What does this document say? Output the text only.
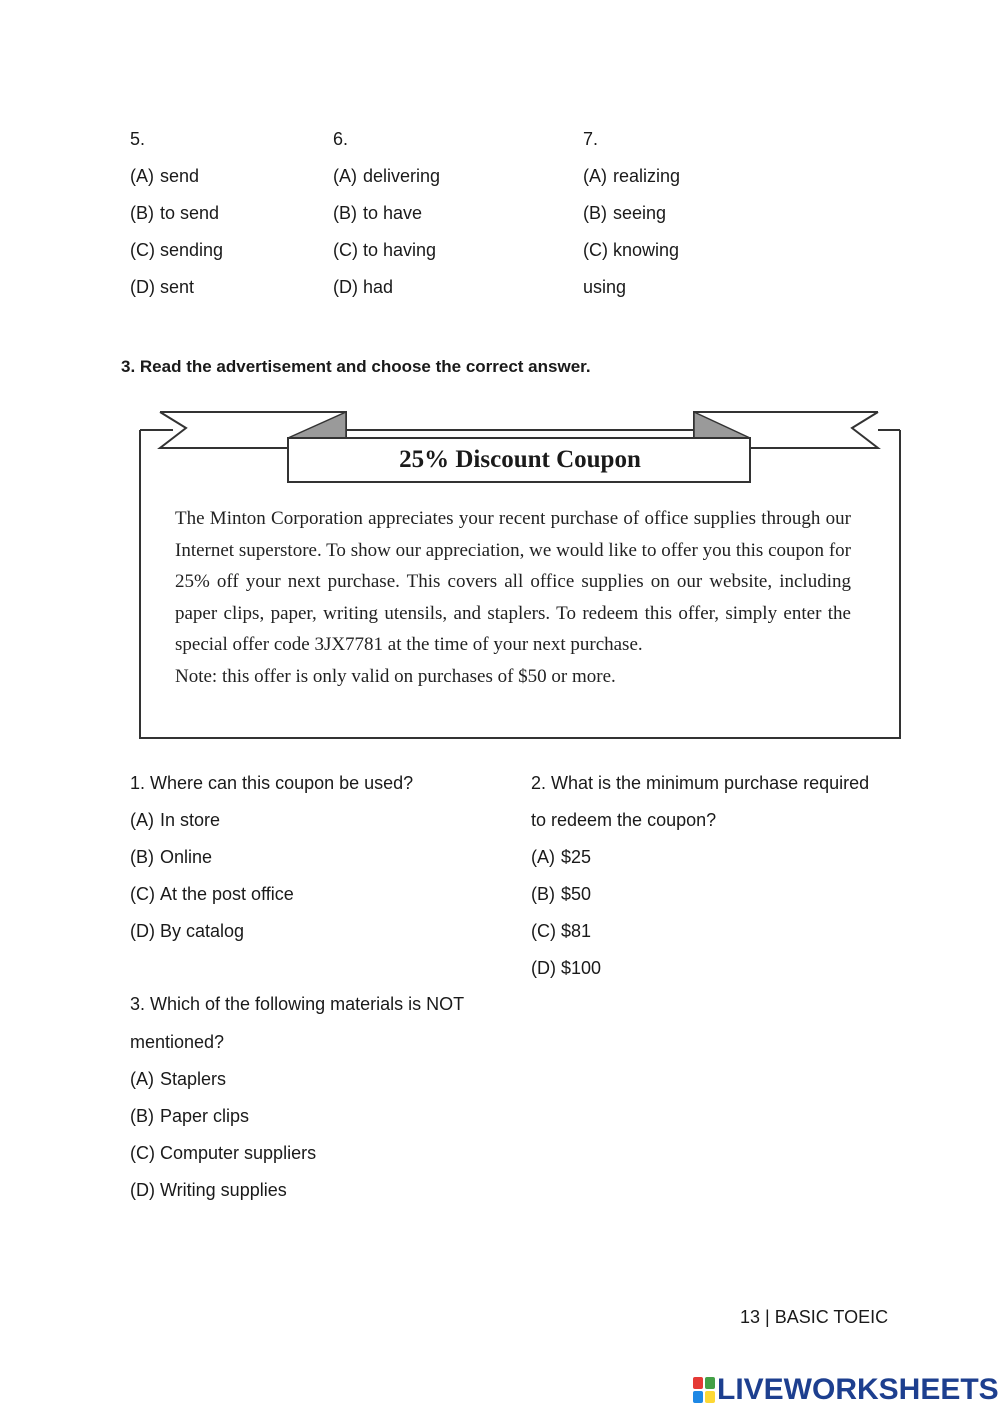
5.
(A) send
(B) to send
(C) sending
(D) sent
6.
(A) delivering
(B) to have
(C) to having
(D) had
7.
(A) realizing
(B) seeing
(C) knowing
using
3. Read the advertisement and choose the correct answer.
25% Discount Coupon

The Minton Corporation appreciates your recent purchase of office supplies through our Internet superstore. To show our appreciation, we would like to offer you this coupon for 25% off your next purchase. This covers all office supplies on our website, including paper clips, paper, writing utensils, and staplers. To redeem this offer, simply enter the special offer code 3JX7781 at the time of your next purchase.

Note: this offer is only valid on purchases of $50 or more.

1. Where can this coupon be used?
(A) In store
(B) Online
(C) At the post office
(D) By catalog
2. What is the minimum purchase required
to redeem the coupon?
(A) $25
(B) $50
(C) $81
(D) $100
3. Which of the following materials is NOT
mentioned?
(A) Staplers
(B) Paper clips
(C) Computer suppliers
(D) Writing supplies
13 | BASIC TOEIC
LIVEWORKSHEETS
